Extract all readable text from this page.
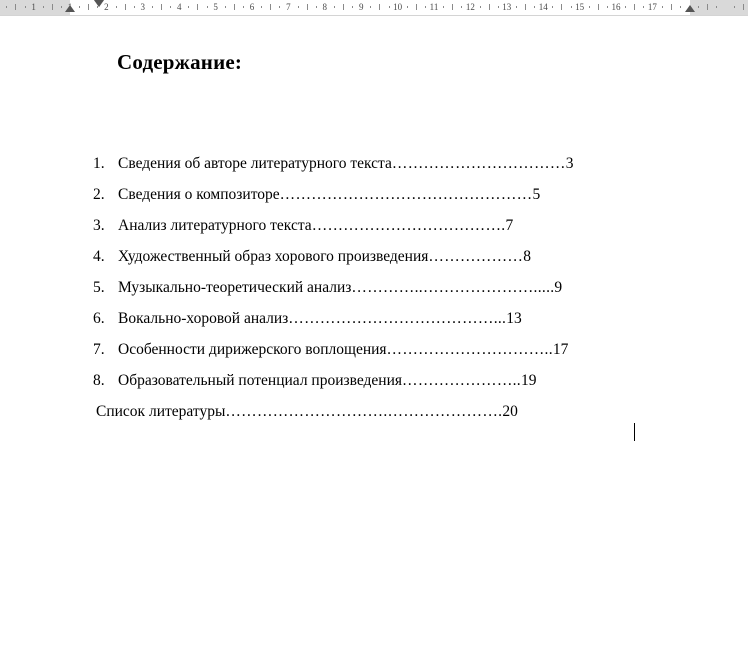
1	1	2	3	4	5	6	7	8	9	10	11	12	13	14	15	16	17
Содержание:
1. Сведения об авторе литературного текста……………………………3
2. Сведения о композиторе…………………………………………5
3. Анализ литературного текста……………………………….7
4. Художественный образ хорового произведения………………8
5. Музыкально-теоретический анализ…………..………………….....9
6. Вокально-хоровой анализ…………………………………...13
7. Особенности дирижерского воплощения…………………………..17
8. Образовательный потенциал произведения…………………..19
Список литературы………………………….………………….20
